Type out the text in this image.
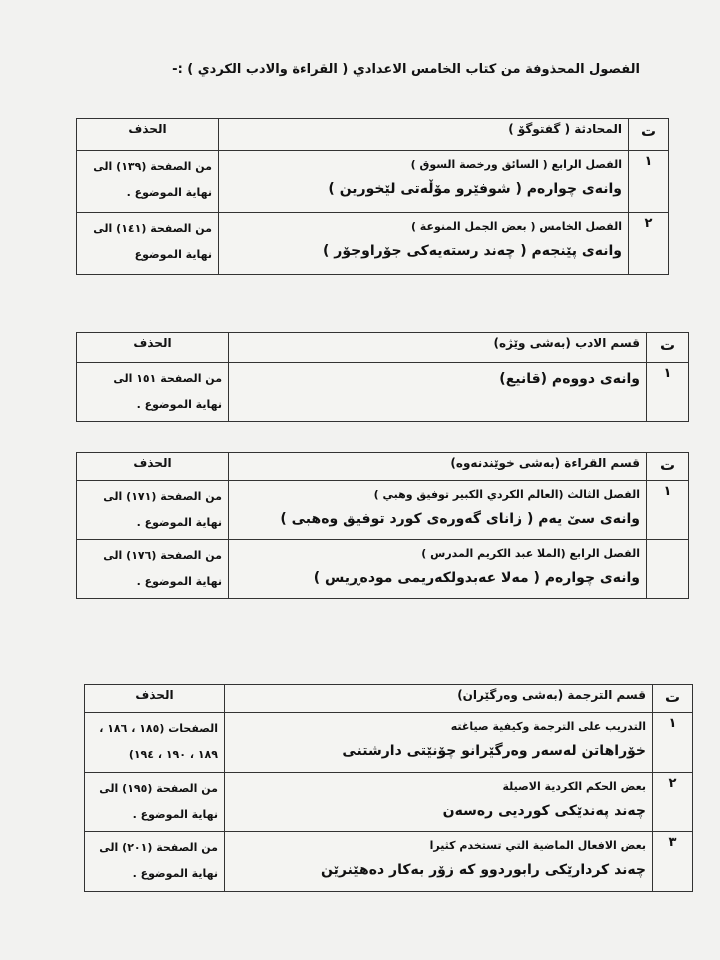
الفصول المحذوفة من كتاب الخامس الاعدادي ( القراءة والادب الكردي ) :-
ت	المحادثة ( گفتوگۆ )	الحذف
١	الفصل الرابع ( السائق ورخصة السوق )
وانەی چوارەم ( شوفێرو مۆڵەتی لێخورین )	من الصفحة (١٣٩) الى
نهاية الموضوع .

٢	الفصل الخامس ( بعض الجمل المنوعة )
وانەی پێنجەم ( چەند رستەیەکی جۆراوجۆر )	من الصفحة (١٤١) الى
نهاية الموضوع
ت	قسم الادب (بەشی وێژە)	الحذف
١	وانەی دووەم (قانیع)	من الصفحة ١٥١ الى
نهاية الموضوع .
ت	قسم القراءة (بەشی خوێندنەوە)	الحذف
١	الفصل الثالث (العالم الكردي الكبير توفيق وهبي )
وانەی سێ یەم ( زانای گەورەی کورد توفیق وەهبی )	من الصفحة (١٧١) الى
نهاية الموضوع .

	الفصل الرابع (الملا عبد الكريم المدرس )
وانەی چوارەم ( مەلا عەبدولکەریمی مودەڕیس )	من الصفحة (١٧٦) الى
نهاية الموضوع .
ت	قسم الترجمة (بەشی وەرگێران)	الحذف
١	التدريب على الترجمة وكيفية صياغته
خۆراهاتن لەسەر وەرگێرانو چۆنێتی دارشتنی	الصفحات (١٨٥ ، ١٨٦ ،
١٨٩ ، ١٩٠ ، ١٩٤)

٢	بعض الحكم الكردية الاصيلة
چەند پەندێکی کوردیی رەسەن	من الصفحة (١٩٥) الى
نهاية الموضوع .

٣	بعض الافعال الماضية التي تستخدم كثيرا
چەند کردارێکی رابوردوو کە زۆر بەکار دەهێنرێن	من الصفحة (٢٠١) الى
نهاية الموضوع .
